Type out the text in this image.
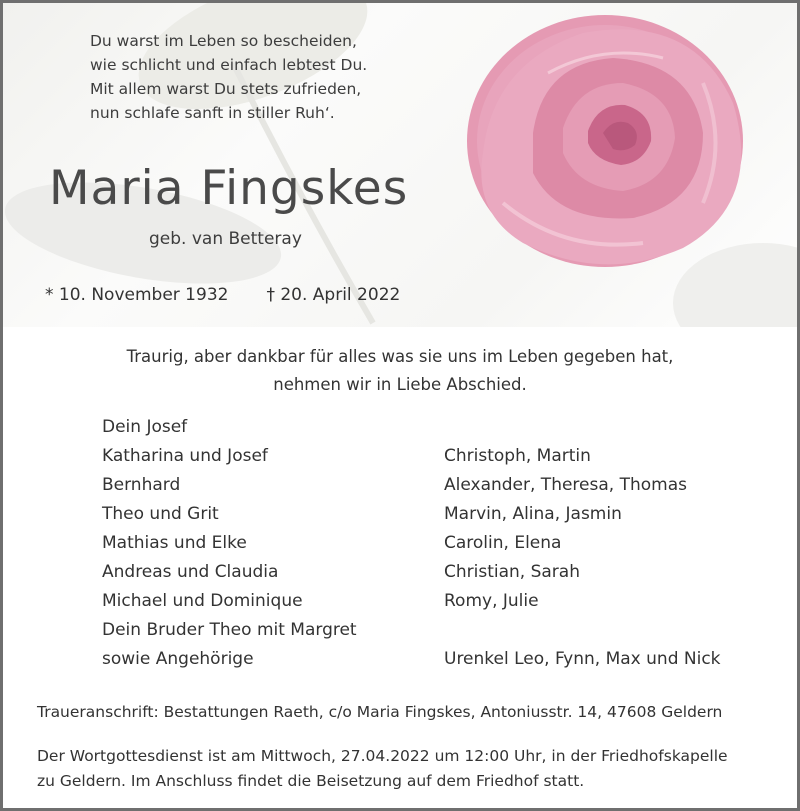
Du warst im Leben so bescheiden,
wie schlicht und einfach lebtest Du.
Mit allem warst Du stets zufrieden,
nun schlafe sanft in stiller Ruh‘.
Maria Fingskes
geb. van Betteray
* 10. November 1932 † 20. April 2022
Traurig, aber dankbar für alles was sie uns im Leben gegeben hat,
nehmen wir in Liebe Abschied.
Dein Josef
Katharina und Josef
Bernhard
Theo und Grit
Mathias und Elke
Andreas und Claudia
Michael und Dominique
Dein Bruder Theo mit Margret
sowie Angehörige
Christoph, Martin
Alexander, Theresa, Thomas
Marvin, Alina, Jasmin
Carolin, Elena
Christian, Sarah
Romy, Julie
Urenkel Leo, Fynn, Max und Nick
Traueranschrift: Bestattungen Raeth, c/o Maria Fingskes, Antoniusstr. 14, 47608 Geldern
Der Wortgottesdienst ist am Mittwoch, 27.04.2022 um 12:00 Uhr, in der Friedhofskapelle
zu Geldern. Im Anschluss findet die Beisetzung auf dem Friedhof statt.
